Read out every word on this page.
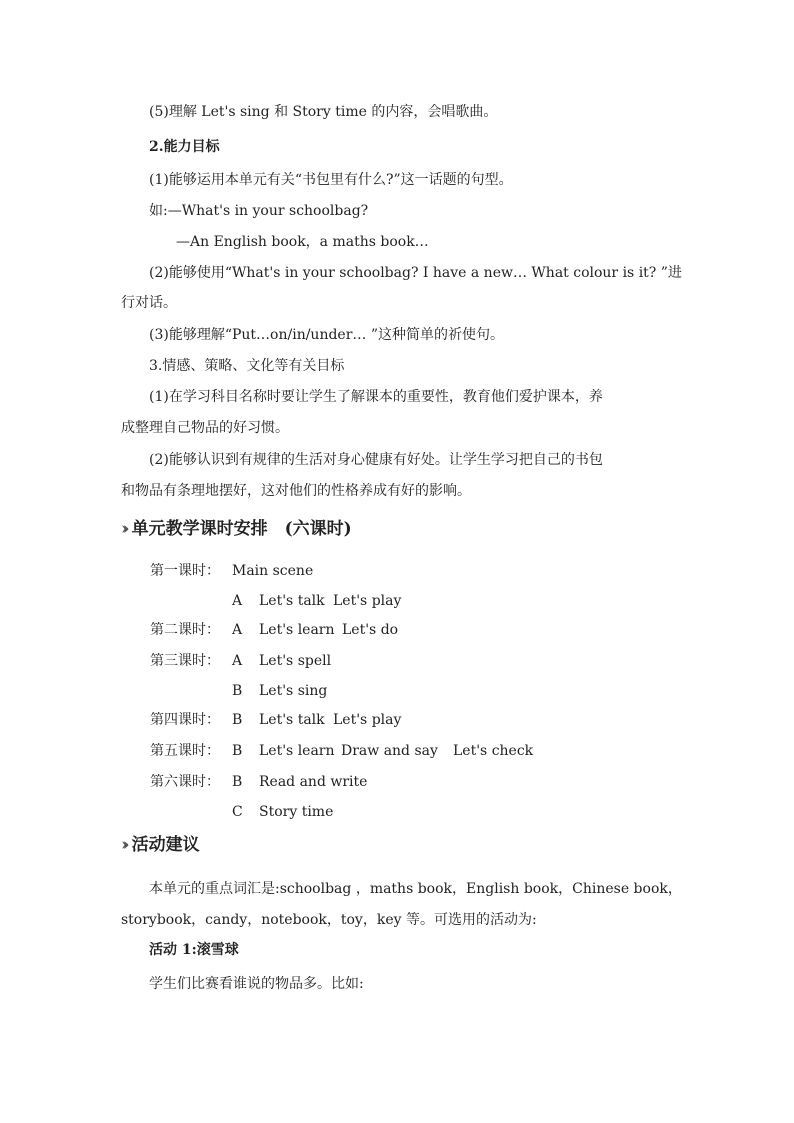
(5)理解 Let's sing 和 Story time 的内容，会唱歌曲。
2.能力目标
(1)能够运用本单元有关“书包里有什么?”这一话题的句型。
如:—What's in your schoolbag?
—An English book，a maths book…
(2)能够使用“What's in your schoolbag? I have a new… What colour is it? ”进
行对话。
(3)能够理解“Put…on/in/under… ”这种简单的祈使句。
3.情感、策略、文化等有关目标
(1)在学习科目名称时要让学生了解课本的重要性，教育他们爱护课本，养
成整理自己物品的好习惯。
(2)能够认识到有规律的生活对身心健康有好处。让学生学习把自己的书包
和物品有条理地摆好，这对他们的性格养成有好的影响。
›› 单元教学课时安排　(六课时)
第一课时： Main scene
A Let's talk Let's play
第二课时： A Let's learn Let's do
第三课时： A Let's spell
B Let's sing
第四课时： B Let's talk Let's play
第五课时： B Let's learn Draw and say Let's check
第六课时： B Read and write
C Story time
›› 活动建议
本单元的重点词汇是:schoolbag ，maths book，English book，Chinese book，
storybook，candy，notebook，toy，key 等。可选用的活动为:
活动 1:滚雪球
学生们比赛看谁说的物品多。比如:
